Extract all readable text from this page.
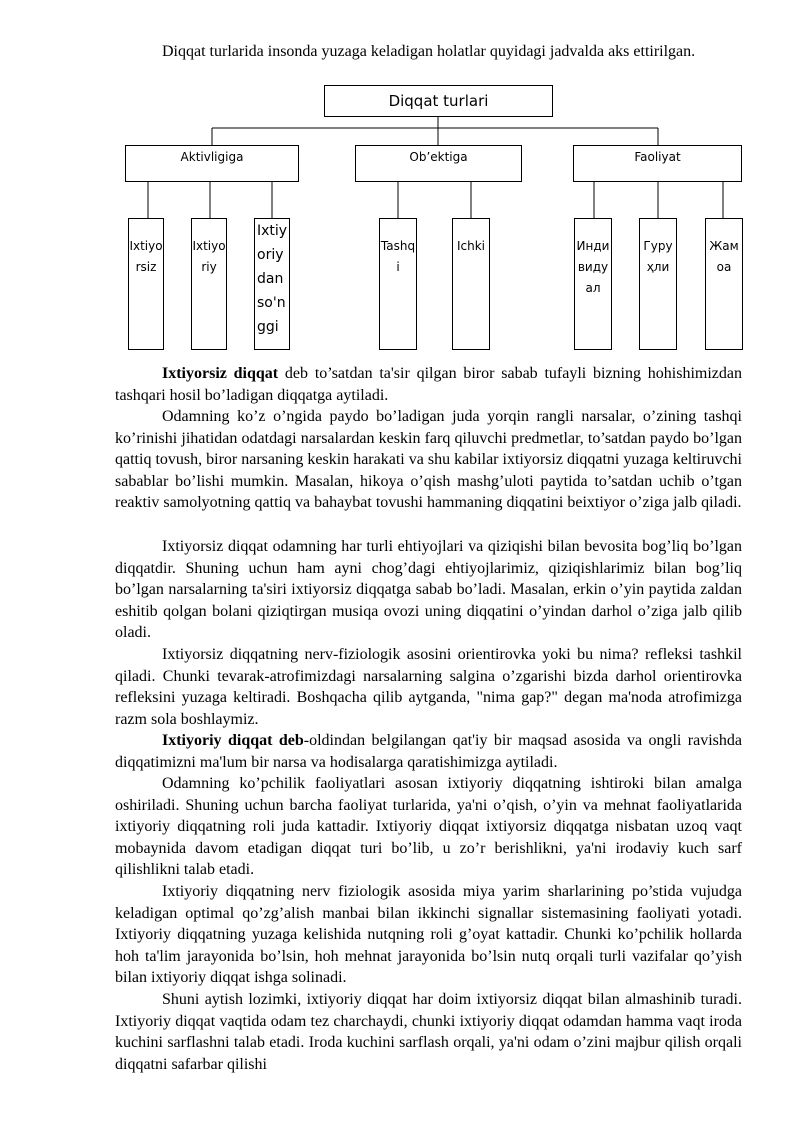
Diqqat turlarida insonda yuzaga keladigan holatlar quyidagi jadvalda aks ettirilgan.

Diqqat turlari
Aktivligiga	Ob’ektiga	Faoliyat
Ixtiyorsiz
Ixtiyoriy
Ixtiyoriydan so'nggi
Tashqi
Ichki	Индивидуал
Гуруҳли
Жамоа

Ixtiyorsiz diqqat deb to’satdan ta'sir qilgan biror sabab tufayli bizning hohishimizdan tashqari hosil bo’ladigan diqqatga aytiladi.

Odamning ko’z o’ngida paydo bo’ladigan juda yorqin rangli narsalar, o’zining tashqi ko’rinishi jihatidan odatdagi narsalardan keskin farq qiluvchi predmetlar, to’satdan paydo bo’lgan qattiq tovush, biror narsaning keskin harakati va shu kabilar ixtiyorsiz diqqatni yuzaga keltiruvchi sabablar bo’lishi mumkin. Masalan, hikoya o’qish mashg’uloti paytida to’satdan uchib o’tgan reaktiv samolyotning qattiq va bahaybat tovushi hammaning diqqatini beixtiyor o’ziga jalb qiladi.

Ixtiyorsiz diqqat odamning har turli ehtiyojlari va qiziqishi bilan bevosita bog’liq bo’lgan diqqatdir. Shuning uchun ham ayni chog’dagi ehtiyojlarimiz, qiziqishlarimiz bilan bog’liq bo’lgan narsalarning ta'siri ixtiyorsiz diqqatga sabab bo’ladi. Masalan, erkin o’yin paytida zaldan eshitib qolgan bolani qiziqtirgan musiqa ovozi uning diqqatini o’yindan darhol o’ziga jalb qilib oladi.

Ixtiyorsiz diqqatning nerv-fiziologik asosini orientirovka yoki bu nima? refleksi tashkil qiladi. Chunki tevarak-atrofimizdagi narsalarning salgina o’zgarishi bizda darhol orientirovka refleksini yuzaga keltiradi. Boshqacha qilib aytganda, "nima gap?" degan ma'noda atrofimizga razm sola boshlaymiz.

Ixtiyoriy diqqat deb-oldindan belgilangan qat'iy bir maqsad asosida va ongli ravishda diqqatimizni ma'lum bir narsa va hodisalarga qaratishimizga aytiladi.

Odamning ko’pchilik faoliyatlari asosan ixtiyoriy diqqatning ishtiroki bilan amalga oshiriladi. Shuning uchun barcha faoliyat turlarida, ya'ni o’qish, o’yin va mehnat faoliyatlarida ixtiyoriy diqqatning roli juda kattadir. Ixtiyoriy diqqat ixtiyorsiz diqqatga nisbatan uzoq vaqt mobaynida davom etadigan diqqat turi bo’lib, u zo’r berishlikni, ya'ni irodaviy kuch sarf qilishlikni talab etadi.

Ixtiyoriy diqqatning nerv fiziologik asosida miya yarim sharlarining po’stida vujudga keladigan optimal qo’zg’alish manbai bilan ikkinchi signallar sistemasining faoliyati yotadi. Ixtiyoriy diqqatning yuzaga kelishida nutqning roli g’oyat kattadir. Chunki ko’pchilik hollarda hoh ta'lim jarayonida bo’lsin, hoh mehnat jarayonida bo’lsin nutq orqali turli vazifalar qo’yish bilan ixtiyoriy diqqat ishga solinadi.

Shuni aytish lozimki, ixtiyoriy diqqat har doim ixtiyorsiz diqqat bilan almashinib turadi. Ixtiyoriy diqqat vaqtida odam tez charchaydi, chunki ixtiyoriy diqqat odamdan hamma vaqt iroda kuchini sarflashni talab etadi. Iroda kuchini sarflash orqali, ya'ni odam o’zini majbur qilish orqali diqqatni safarbar qilishi
